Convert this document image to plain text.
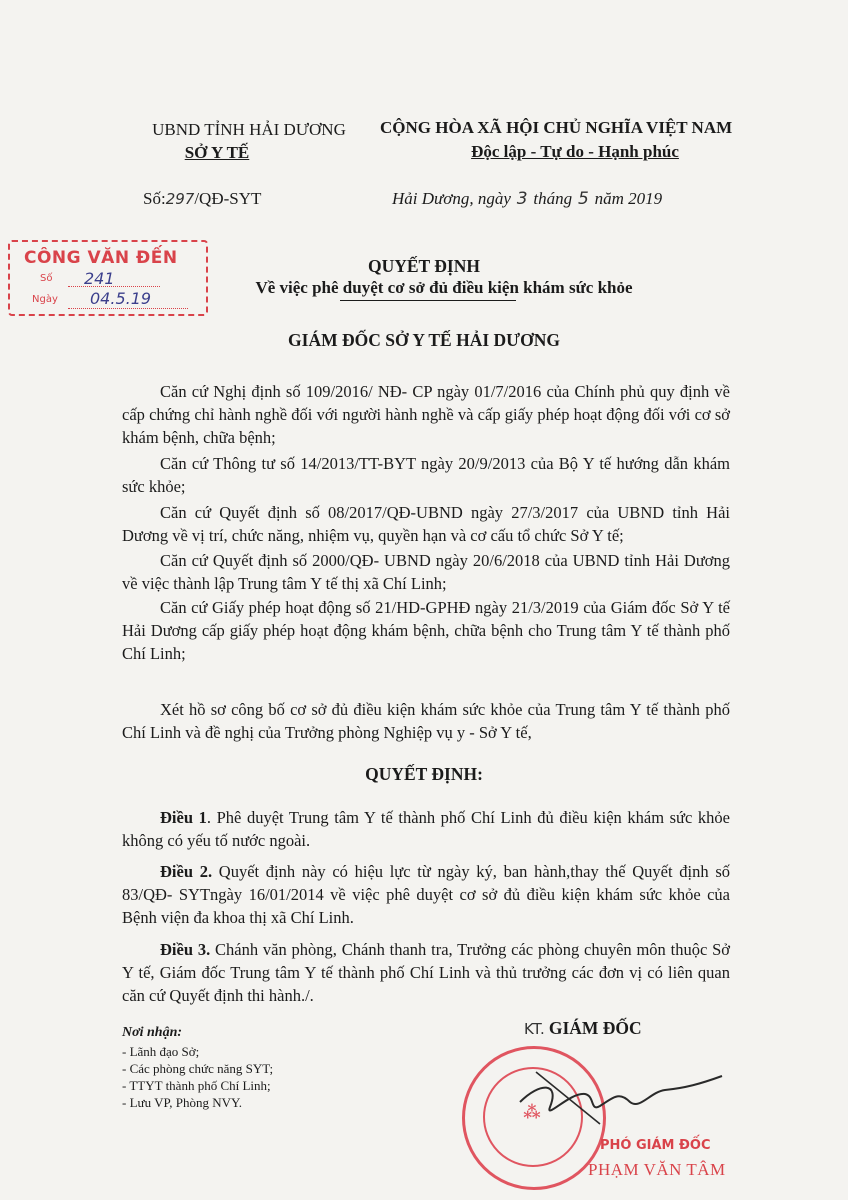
UBND TỈNH HẢI DƯƠNG
SỞ Y TẾ
CỘNG HÒA XÃ HỘI CHỦ NGHĨA VIỆT NAM
Độc lập - Tự do - Hạnh phúc
Số:297/QĐ-SYT	Hải Dương, ngày 3 tháng 5 năm 2019
CÔNG VĂN ĐẾN
Số 241
Ngày 04.5.19
QUYẾT ĐỊNH
Về việc phê duyệt cơ sở đủ điều kiện khám sức khỏe
GIÁM ĐỐC SỞ Y TẾ HẢI DƯƠNG
Căn cứ Nghị định số 109/2016/ NĐ- CP ngày 01/7/2016 của Chính phủ quy định về cấp chứng chỉ hành nghề đối với người hành nghề và cấp giấy phép hoạt động đối với cơ sở khám bệnh, chữa bệnh;
Căn cứ Thông tư số 14/2013/TT-BYT ngày 20/9/2013 của Bộ Y tế hướng dẫn khám sức khỏe;
Căn cứ Quyết định số 08/2017/QĐ-UBND ngày 27/3/2017 của UBND tỉnh Hải Dương về vị trí, chức năng, nhiệm vụ, quyền hạn và cơ cấu tổ chức Sở Y tế;
Căn cứ Quyết định số 2000/QĐ- UBND ngày 20/6/2018 của UBND tỉnh Hải Dương về việc thành lập Trung tâm Y tế thị xã Chí Linh;
Căn cứ Giấy phép hoạt động số 21/HD-GPHĐ ngày 21/3/2019 của Giám đốc Sở Y tế Hải Dương cấp giấy phép hoạt động khám bệnh, chữa bệnh cho Trung tâm Y tế thành phố Chí Linh;
Xét hồ sơ công bố cơ sở đủ điều kiện khám sức khỏe của Trung tâm Y tế thành phố Chí Linh và đề nghị của Trưởng phòng Nghiệp vụ y - Sở Y tế,
QUYẾT ĐỊNH:
Điều 1. Phê duyệt Trung tâm Y tế thành phố Chí Linh đủ điều kiện khám sức khỏe không có yếu tố nước ngoài.
Điều 2. Quyết định này có hiệu lực từ ngày ký, ban hành,thay thế Quyết định số 83/QĐ- SYTngày 16/01/2014 về việc phê duyệt cơ sở đủ điều kiện khám sức khỏe của Bệnh viện đa khoa thị xã Chí Linh.
Điều 3. Chánh văn phòng, Chánh thanh tra, Trưởng các phòng chuyên môn thuộc Sở Y tế, Giám đốc Trung tâm Y tế thành phố Chí Linh và thủ trưởng các đơn vị có liên quan căn cứ Quyết định thi hành./.
Nơi nhận:
- Lãnh đạo Sở;
- Các phòng chức năng SYT;
- TTYT thành phố Chí Linh;
- Lưu VP, Phòng NVY.
KT. GIÁM ĐỐC
⁂
PHÓ GIÁM ĐỐC
PHẠM VĂN TÂM
